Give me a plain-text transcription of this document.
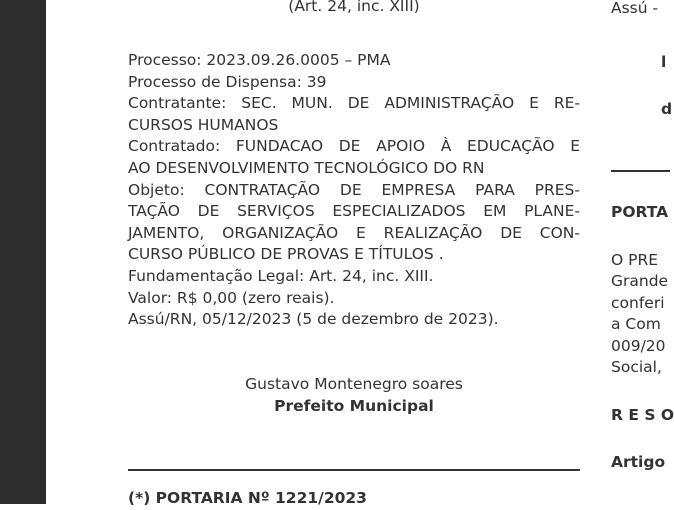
(Art. 24, inc. XIII)

Processo: 2023.09.26.0005 – PMA

Processo de Dispensa: 39

Contratante: SEC. MUN. DE ADMINISTRAÇÃO E RE-

CURSOS HUMANOS

Contratado: FUNDACAO DE APOIO À EDUCAÇÃO E

AO DESENVOLVIMENTO TECNOLÓGICO DO RN

Objeto: CONTRATAÇÃO DE EMPRESA PARA PRES-

TAÇÃO DE SERVIÇOS ESPECIALIZADOS EM PLANE-

JAMENTO, ORGANIZAÇÃO E REALIZAÇÃO DE CON-

CURSO PÚBLICO DE PROVAS E TÍTULOS .

Fundamentação Legal: Art. 24, inc. XIII.

Valor: R$ 0,00 (zero reais).

Assú/RN, 05/12/2023 (5 de dezembro de 2023).

Gustavo Montenegro soares
Prefeito Municipal
(*) PORTARIA Nº 1221/2023
Assú -
l
d
PORTA
O PRE
Grande
conferi
a Com
009/20
Social,
R E S O
Artigo
